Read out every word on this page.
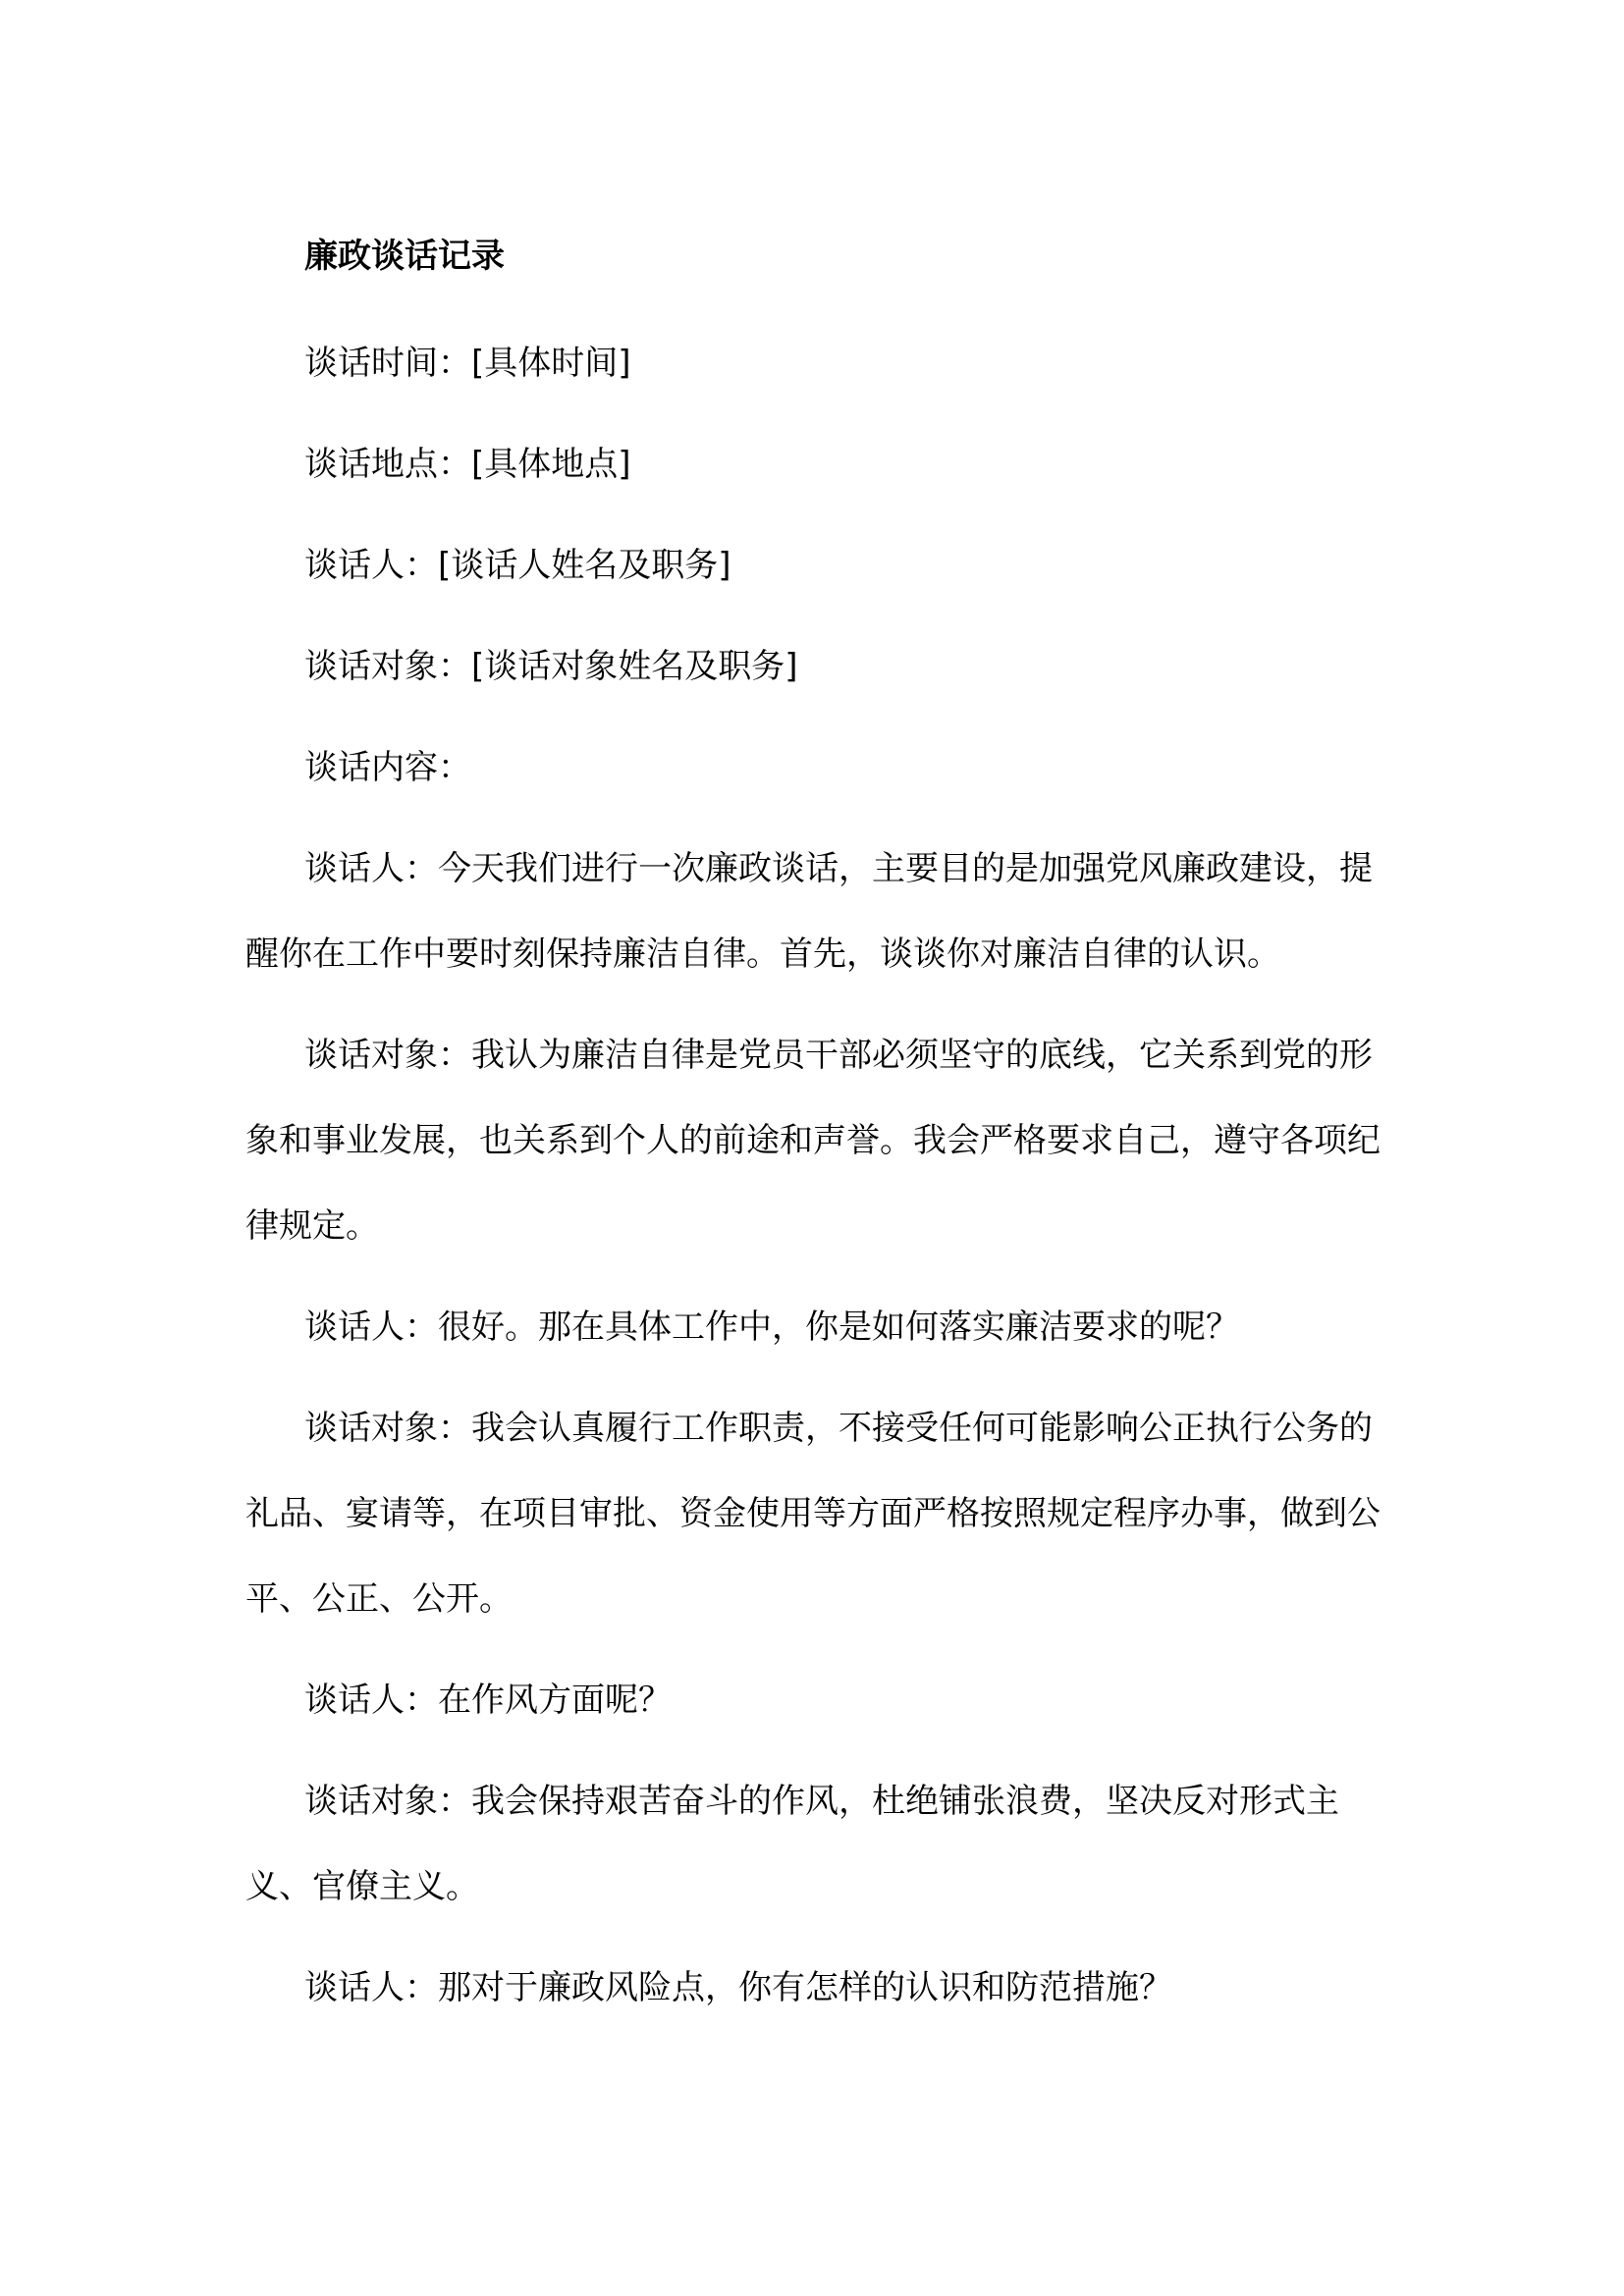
廉政谈话记录

谈话时间：[具体时间]

谈话地点：[具体地点]

谈话人：[谈话人姓名及职务]

谈话对象：[谈话对象姓名及职务]

谈话内容：

谈话人：今天我们进行一次廉政谈话，主要目的是加强党风廉政建设，提醒你在工作中要时刻保持廉洁自律。首先，谈谈你对廉洁自律的认识。

谈话对象：我认为廉洁自律是党员干部必须坚守的底线，它关系到党的形象和事业发展，也关系到个人的前途和声誉。我会严格要求自己，遵守各项纪律规定。

谈话人：很好。那在具体工作中，你是如何落实廉洁要求的呢？

谈话对象：我会认真履行工作职责，不接受任何可能影响公正执行公务的礼品、宴请等，在项目审批、资金使用等方面严格按照规定程序办事，做到公平、公正、公开。

谈话人：在作风方面呢？

谈话对象：我会保持艰苦奋斗的作风，杜绝铺张浪费，坚决反对形式主义、官僚主义。

谈话人：那对于廉政风险点，你有怎样的认识和防范措施？
